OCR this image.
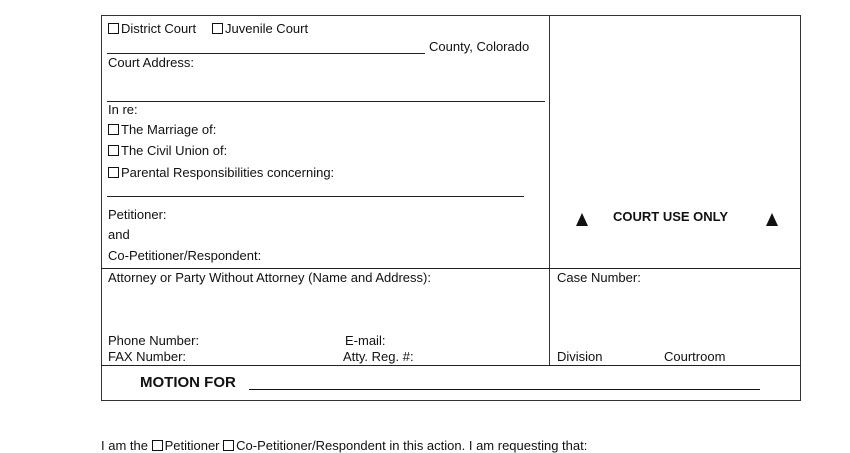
District Court	Juvenile Court
County, Colorado
Court Address:
In re:
The Marriage of:
The Civil Union of:
Parental Responsibilities concerning:
Petitioner:
and
Co-Petitioner/Respondent:
COURT USE ONLY
Attorney or Party Without Attorney (Name and Address):
Phone Number:
FAX Number:
E-mail:
Atty. Reg. #:
Case Number:
Division	Courtroom
MOTION FOR
I am the Petitioner Co-Petitioner/Respondent in this action. I am requesting that:
